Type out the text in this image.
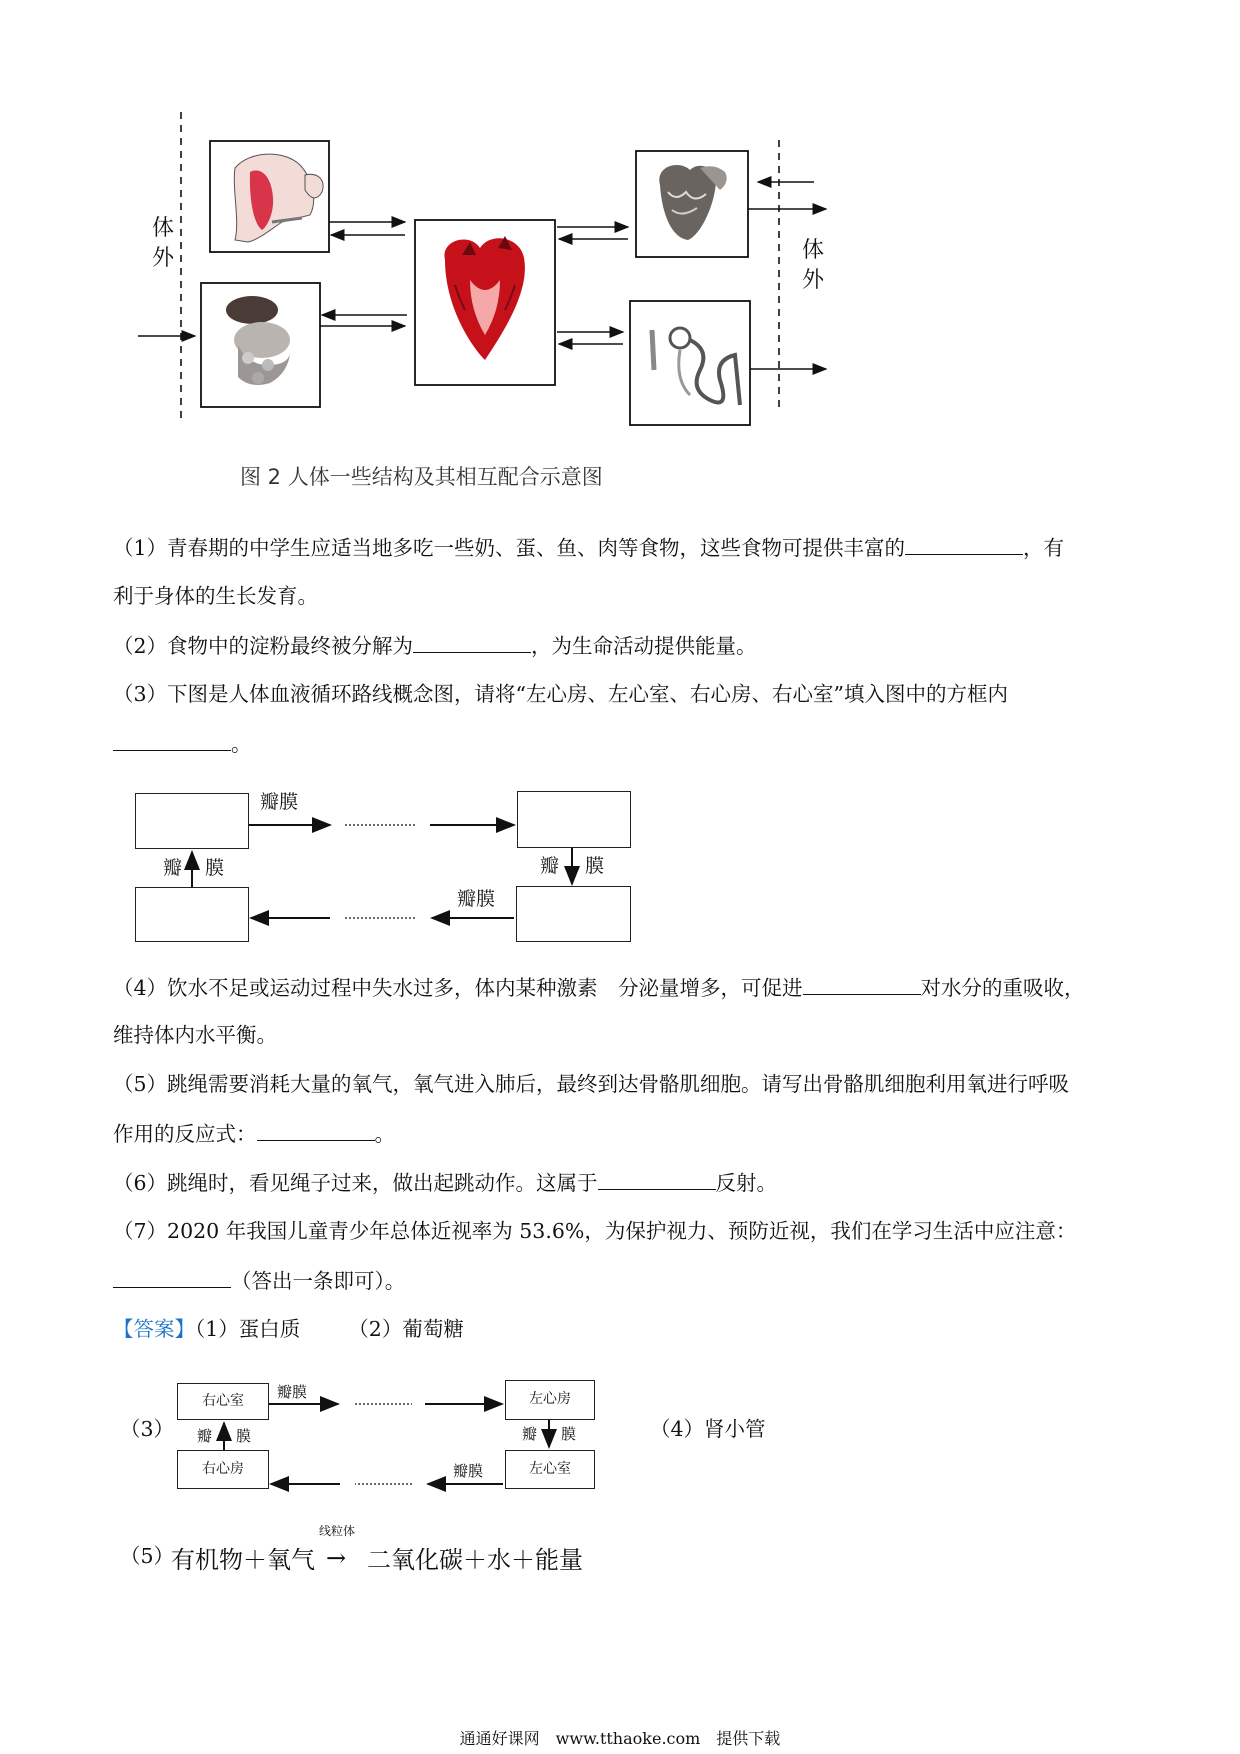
体外	体外
图 2 人体一些结构及其相互配合示意图
（1）青春期的中学生应适当地多吃一些奶、蛋、鱼、肉等食物，这些食物可提供丰富的	，有
利于身体的生长发育。
（2）食物中的淀粉最终被分解为	，为生命活动提供能量。
（3）下图是人体血液循环路线概念图，请将“左心房、左心室、右心房、右心室”填入图中的方框内
。
瓣膜
瓣 膜	瓣 膜
瓣膜
（4）饮水不足或运动过程中失水过多，体内某种激素　分泌量增多，可促进	对水分的重吸收，
维持体内水平衡。
（5）跳绳需要消耗大量的氧气，氧气进入肺后，最终到达骨骼肌细胞。请写出骨骼肌细胞利用氧进行呼吸
作用的反应式：	。
（6）跳绳时，看见绳子过来，做出起跳动作。这属于	反射。
（7）2020 年我国儿童青少年总体近视率为 53.6%，为保护视力、预防近视，我们在学习生活中应注意：
（答出一条即可）。
【答案】（1）蛋白质 （2）葡萄糖
（3）
右心室	左心房
右心房	左心室
瓣膜
瓣 膜	瓣 膜
瓣膜
（4）肾小管
（5）
有机物＋氧气
线粒体
→ 二氧化碳＋水＋能量
通通好课网　www.tthaoke.com　提供下载
